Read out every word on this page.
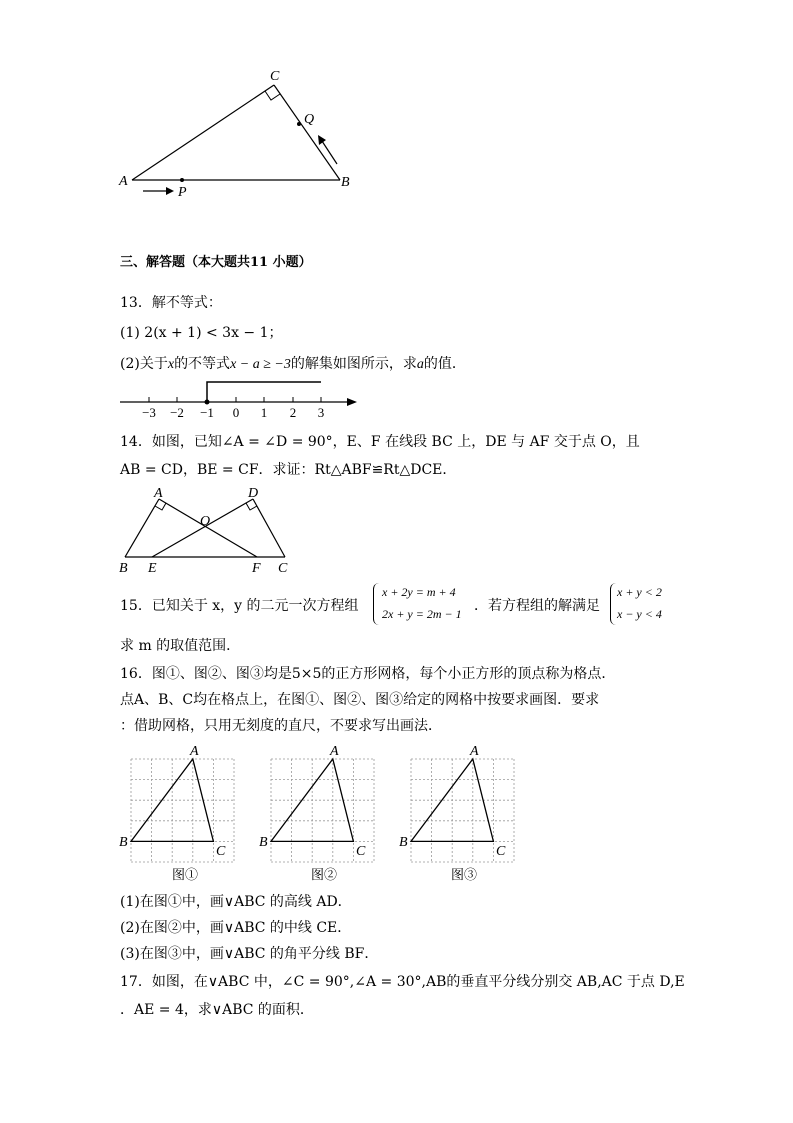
A	B
C
P
Q
三、解答题（本大题共11 小题）
13．解不等式：
(1) 2(x + 1) < 3x − 1；
(2)关于x的不等式x − a ≥ −3的解集如图所示，求a的值．
−3 −2 −1 0 1 2 3
14．如图，已知∠A = ∠D = 90°，E、F 在线段 BC 上，DE 与 AF 交于点 O，且
AB = CD，BE = CF．求证：Rt△ABF≌Rt△DCE．
A	D
O
B E	F C
15．已知关于 x，y 的二元一次方程组
x + 2y = m + 4
2x + y = 2m − 1 ．若方程组的解满足
x + y < 2
x − y < 4
求 m 的取值范围．
16．图①、图②、图③均是5×5的正方形网格，每个小正方形的顶点称为格点．
点A、B、C均在格点上，在图①、图②、图③给定的网格中按要求画图．要求
：借助网格，只用无刻度的直尺，不要求写出画法．
A
B
C
图①
A
B
C
图②
A
B
C
图③
(1)在图①中，画∨ABC 的高线 AD．
(2)在图②中，画∨ABC 的中线 CE．
(3)在图③中，画∨ABC 的角平分线 BF．
17．如图，在∨ABC 中，∠C = 90°,∠A = 30°,AB的垂直平分线分别交 AB,AC 于点 D,E
．AE = 4，求∨ABC 的面积．
